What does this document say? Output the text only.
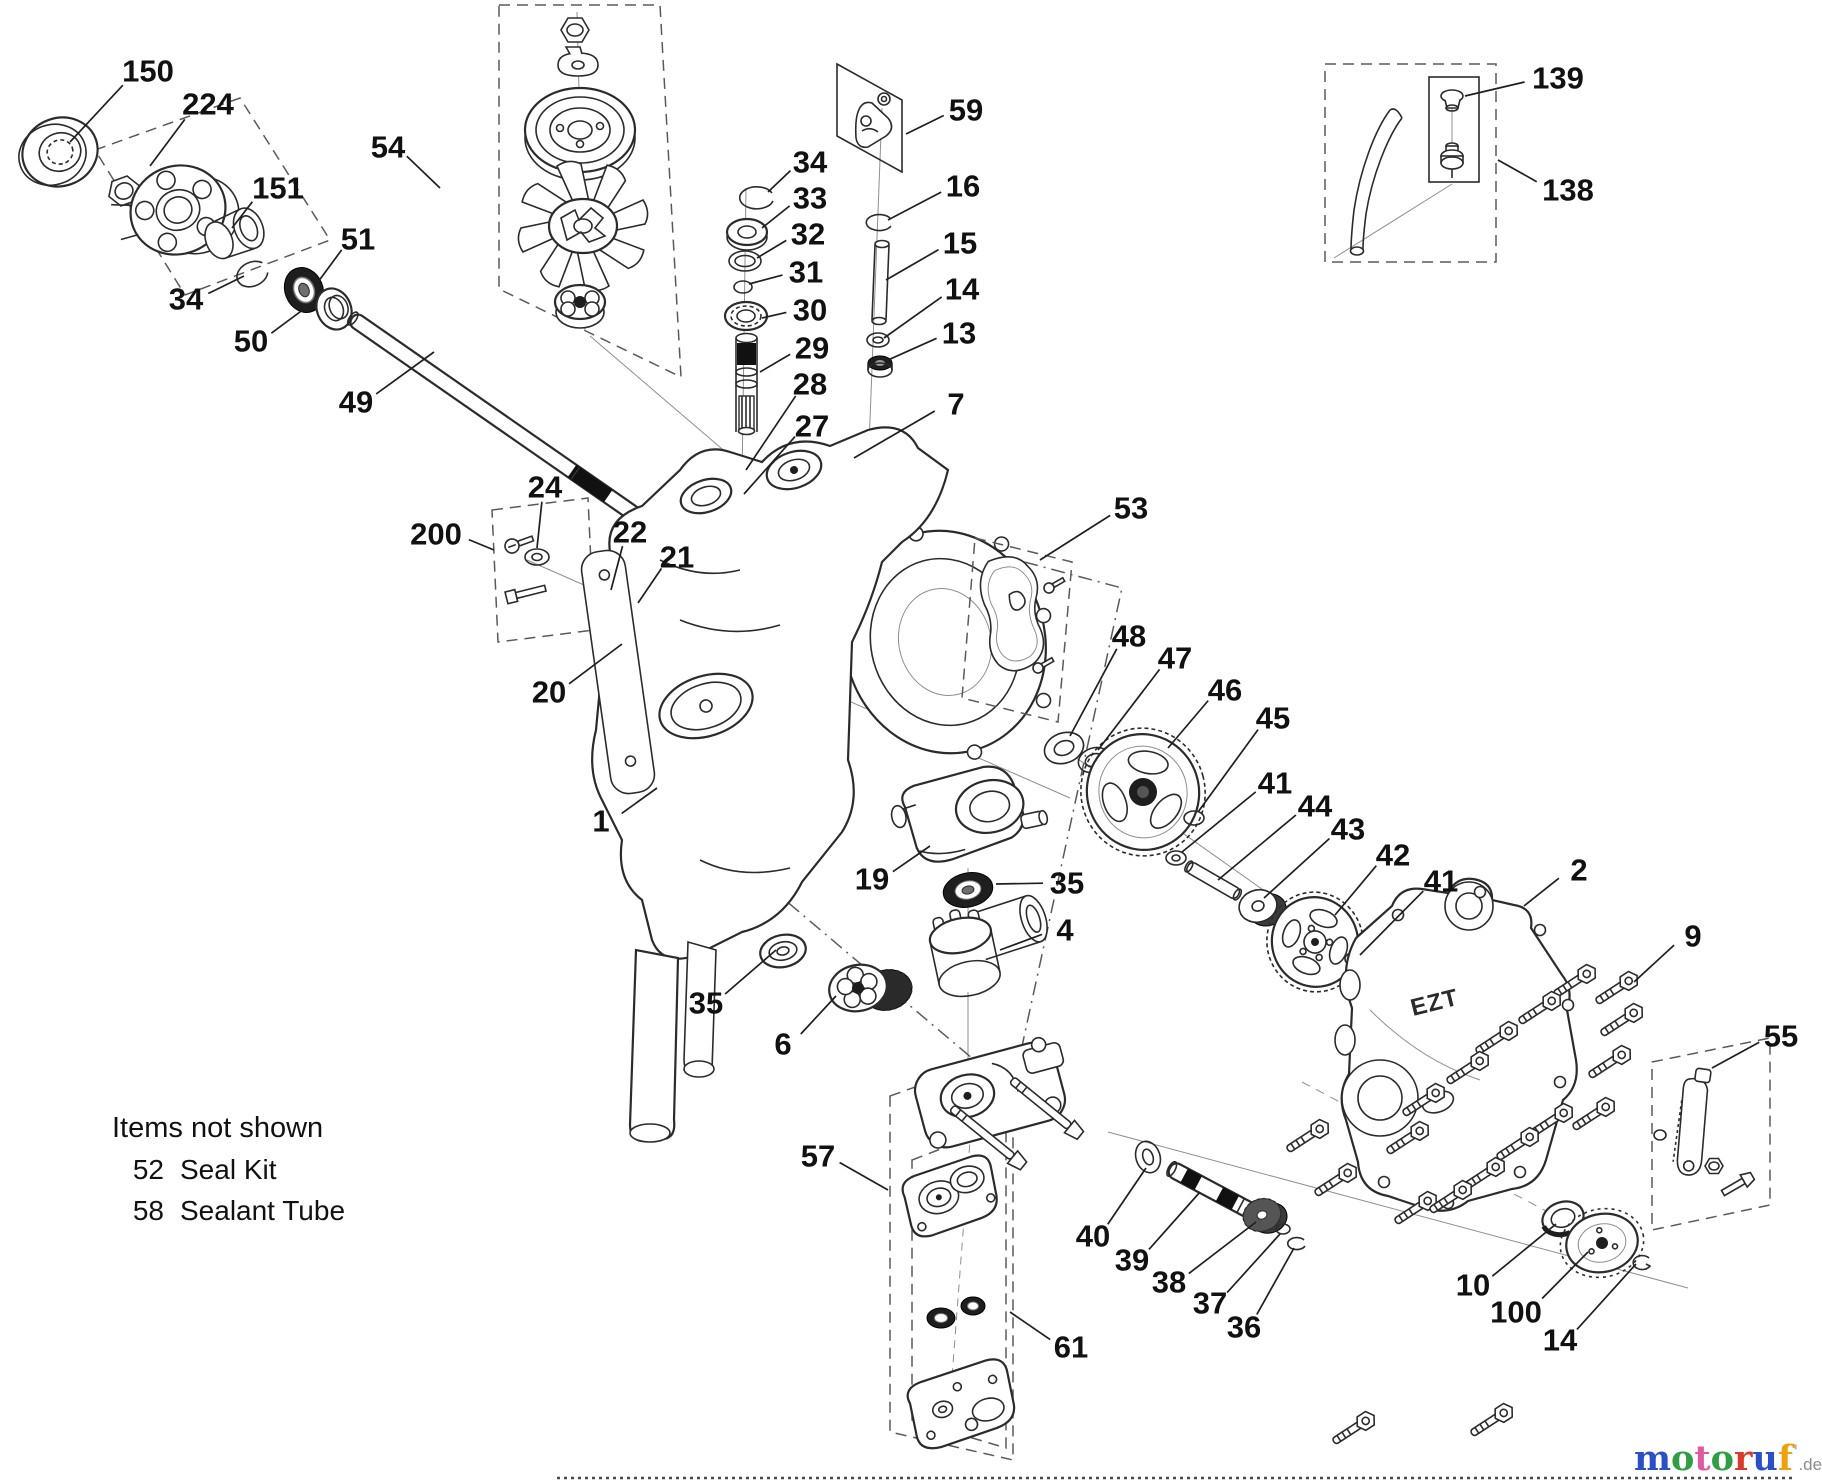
EZT
150
224
151
51
34
50
49
54	34
33
32
31
30
29
28
27
59
16
15
14
13
7
139
138
200
24
22
21
20
1
53
48
47
46
45
41
44
43
42
41	2
9
55
19	35
4
35
6
57
61
40
39
38
37
36
10
100
14
Items not shown
52 Seal Kit
58 Sealant Tube
motoruf'.de
